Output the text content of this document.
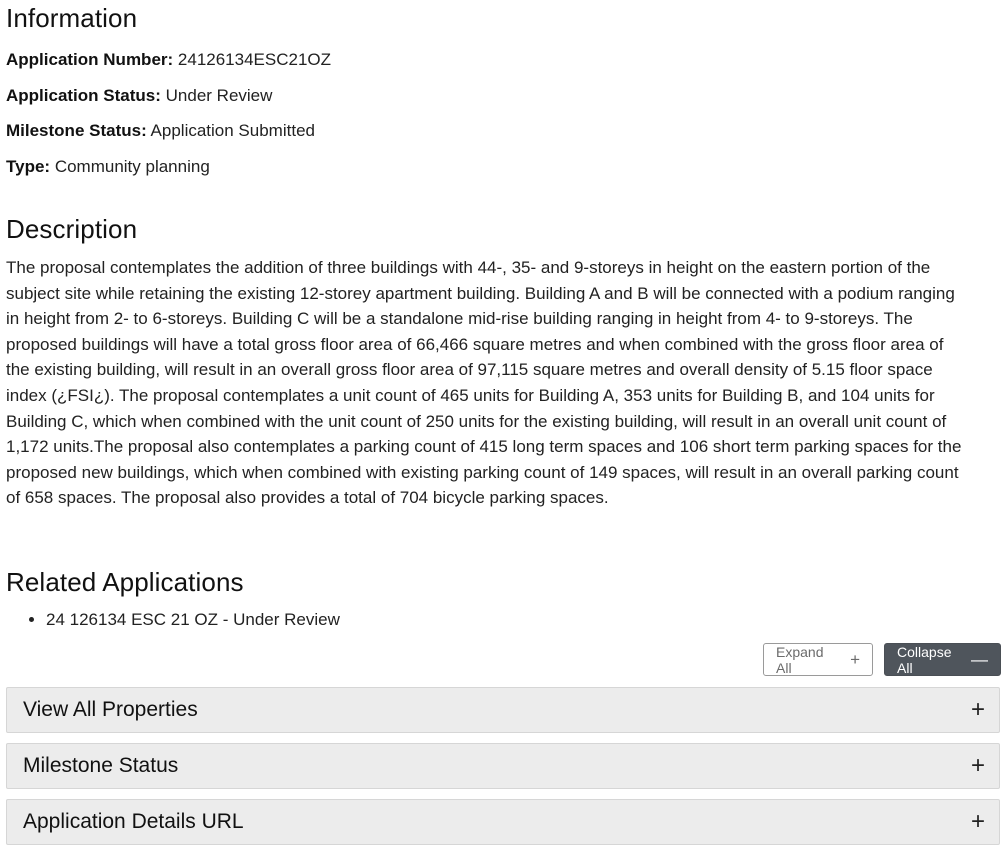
Information
Application Number: 24126134ESC21OZ
Application Status: Under Review
Milestone Status: Application Submitted
Type: Community planning
Description
The proposal contemplates the addition of three buildings with 44-, 35- and 9-storeys in height on the eastern portion of the subject site while retaining the existing 12-storey apartment building. Building A and B will be connected with a podium ranging in height from 2- to 6-storeys. Building C will be a standalone mid-rise building ranging in height from 4- to 9-storeys. The proposed buildings will have a total gross floor area of 66,466 square metres and when combined with the gross floor area of the existing building, will result in an overall gross floor area of 97,115 square metres and overall density of 5.15 floor space index (¿FSI¿). The proposal contemplates a unit count of 465 units for Building A, 353 units for Building B, and 104 units for Building C, which when combined with the unit count of 250 units for the existing building, will result in an overall unit count of 1,172 units.The proposal also contemplates a parking count of 415 long term spaces and 106 short term parking spaces for the proposed new buildings, which when combined with existing parking count of 149 spaces, will result in an overall parking count of 658 spaces. The proposal also provides a total of 704 bicycle parking spaces.
Related Applications
• 24 126134 ESC 21 OZ - Under Review
Expand All	+	Collapse All	—
View All Properties	+
Milestone Status	+
Application Details URL	+
